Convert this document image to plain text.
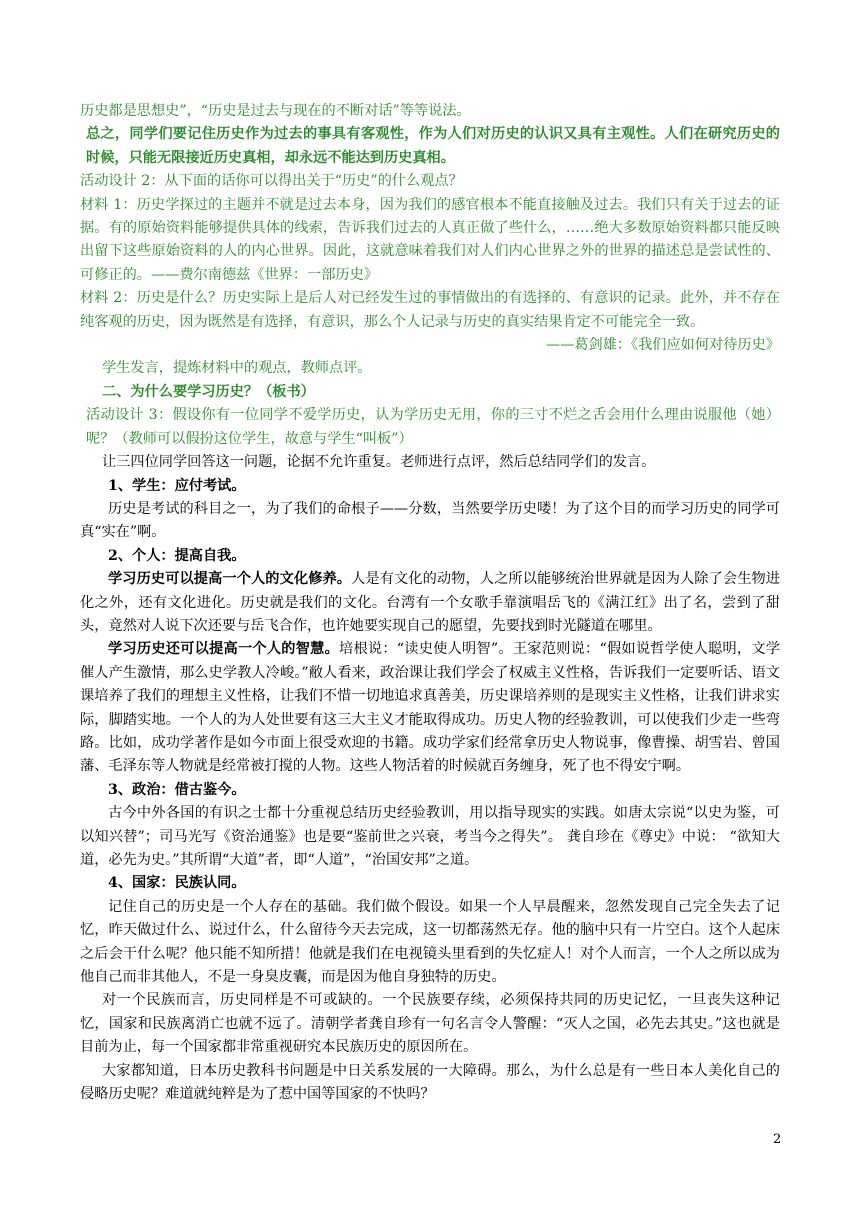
历史都是思想史”，“历史是过去与现在的不断对话”等等说法。

总之，同学们要记住历史作为过去的事具有客观性，作为人们对历史的认识又具有主观性。人们在研究历史的时候，只能无限接近历史真相，却永远不能达到历史真相。

活动设计 2：从下面的话你可以得出关于“历史”的什么观点？

材料 1：历史学探过的主题并不就是过去本身，因为我们的感官根本不能直接触及过去。我们只有关于过去的证据。有的原始资料能够提供具体的线索，告诉我们过去的人真正做了些什么，……绝大多数原始资料都只能反映出留下这些原始资料的人的内心世界。因此，这就意味着我们对人们内心世界之外的世界的描述总是尝试性的、可修正的。——费尔南德兹《世界：一部历史》

材料 2：历史是什么？历史实际上是后人对已经发生过的事情做出的有选择的、有意识的记录。此外，并不存在纯客观的历史，因为既然是有选择，有意识，那么个人记录与历史的真实结果肯定不可能完全一致。

——葛剑雄：《我们应如何对待历史》

学生发言，提炼材料中的观点，教师点评。

二、为什么要学习历史？（板书）

活动设计 3：假设你有一位同学不爱学历史，认为学历史无用，你的三寸不烂之舌会用什么理由说服他（她）呢？（教师可以假扮这位学生，故意与学生“叫板”）

让三四位同学回答这一问题，论据不允许重复。老师进行点评，然后总结同学们的发言。

1、学生：应付考试。

历史是考试的科目之一，为了我们的命根子——分数，当然要学历史喽！为了这个目的而学习历史的同学可真“实在”啊。

2、个人：提高自我。

学习历史可以提高一个人的文化修养。人是有文化的动物，人之所以能够统治世界就是因为人除了会生物进化之外，还有文化进化。历史就是我们的文化。台湾有一个女歌手靠演唱岳飞的《满江红》出了名，尝到了甜头，竟然对人说下次还要与岳飞合作，也许她要实现自己的愿望，先要找到时光隧道在哪里。

学习历史还可以提高一个人的智慧。培根说：“读史使人明智”。王家范则说：“假如说哲学使人聪明，文学催人产生激情，那么史学教人冷峻。”敝人看来，政治课让我们学会了权威主义性格，告诉我们一定要听话、语文课培养了我们的理想主义性格，让我们不惜一切地追求真善美，历史课培养则的是现实主义性格，让我们讲求实际，脚踏实地。一个人的为人处世要有这三大主义才能取得成功。历史人物的经验教训，可以使我们少走一些弯路。比如，成功学著作是如今市面上很受欢迎的书籍。成功学家们经常拿历史人物说事，像曹操、胡雪岩、曾国藩、毛泽东等人物就是经常被打搅的人物。这些人物活着的时候就百务缠身，死了也不得安宁啊。

3、政治：借古鉴今。

古今中外各国的有识之士都十分重视总结历史经验教训，用以指导现实的实践。如唐太宗说“以史为鉴，可以知兴替”；司马光写《资治通鉴》也是要“鉴前世之兴衰，考当今之得失”。 龚自珍在《尊史》中说： “欲知大道，必先为史。”其所谓“大道”者，即“人道”，“治国安邦”之道。

4、国家：民族认同。

记住自己的历史是一个人存在的基础。我们做个假设。如果一个人早晨醒来，忽然发现自己完全失去了记忆，昨天做过什么、说过什么，什么留待今天去完成，这一切都荡然无存。他的脑中只有一片空白。这个人起床之后会干什么呢？他只能不知所措！他就是我们在电视镜头里看到的失忆症人！对个人而言，一个人之所以成为他自己而非其他人，不是一身臭皮囊，而是因为他自身独特的历史。

对一个民族而言，历史同样是不可或缺的。一个民族要存续，必须保持共同的历史记忆，一旦丧失这种记忆，国家和民族离消亡也就不远了。清朝学者龚自珍有一句名言令人警醒：“灭人之国，必先去其史。”这也就是目前为止，每一个国家都非常重视研究本民族历史的原因所在。

大家都知道，日本历史教科书问题是中日关系发展的一大障碍。那么，为什么总是有一些日本人美化自己的侵略历史呢？难道就纯粹是为了惹中国等国家的不快吗？

2
